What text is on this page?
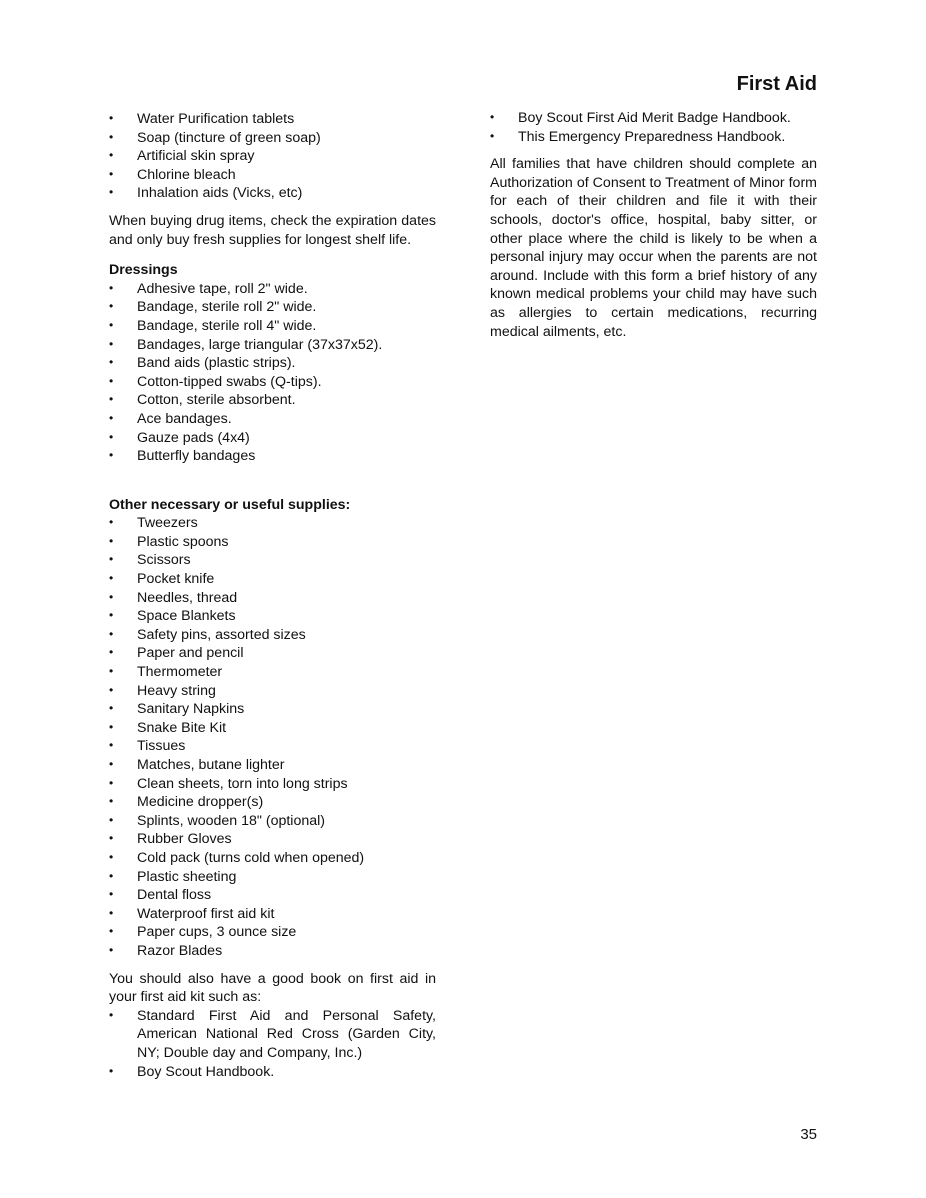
First Aid
• Water Purification tablets
• Soap (tincture of green soap)
• Artificial skin spray
• Chlorine bleach
• Inhalation aids (Vicks, etc)

When buying drug items, check the expiration dates and only buy fresh supplies for longest shelf life.

Dressings
• Adhesive tape, roll 2" wide.
• Bandage, sterile roll 2" wide.
• Bandage, sterile roll 4" wide.
• Bandages, large triangular (37x37x52).
• Band aids (plastic strips).
• Cotton-tipped swabs (Q-tips).
• Cotton, sterile absorbent.
• Ace bandages.
• Gauze pads (4x4)
• Butterfly bandages
Other necessary or useful supplies:
• Tweezers
• Plastic spoons
• Scissors
• Pocket knife
• Needles, thread
• Space Blankets
• Safety pins, assorted sizes
• Paper and pencil
• Thermometer
• Heavy string
• Sanitary Napkins
• Snake Bite Kit
• Tissues
• Matches, butane lighter
• Clean sheets, torn into long strips
• Medicine dropper(s)
• Splints, wooden 18" (optional)
• Rubber Gloves
• Cold pack (turns cold when opened)
• Plastic sheeting
• Dental floss
• Waterproof first aid kit
• Paper cups, 3 ounce size
• Razor Blades

You should also have a good book on first aid in your first aid kit such as:

• Standard First Aid and Personal Safety, American National Red Cross (Garden City, NY; Double day and Company, Inc.)
• Boy Scout Handbook.
• Boy Scout First Aid Merit Badge Handbook.
• This Emergency Preparedness Handbook.

All families that have children should complete an Authorization of Consent to Treatment of Minor form for each of their children and file it with their schools, doctor's office, hospital, baby sitter, or other place where the child is likely to be when a personal injury may occur when the parents are not around. Include with this form a brief history of any known medical problems your child may have such as allergies to certain medications, recurring medical ailments, etc.

35
